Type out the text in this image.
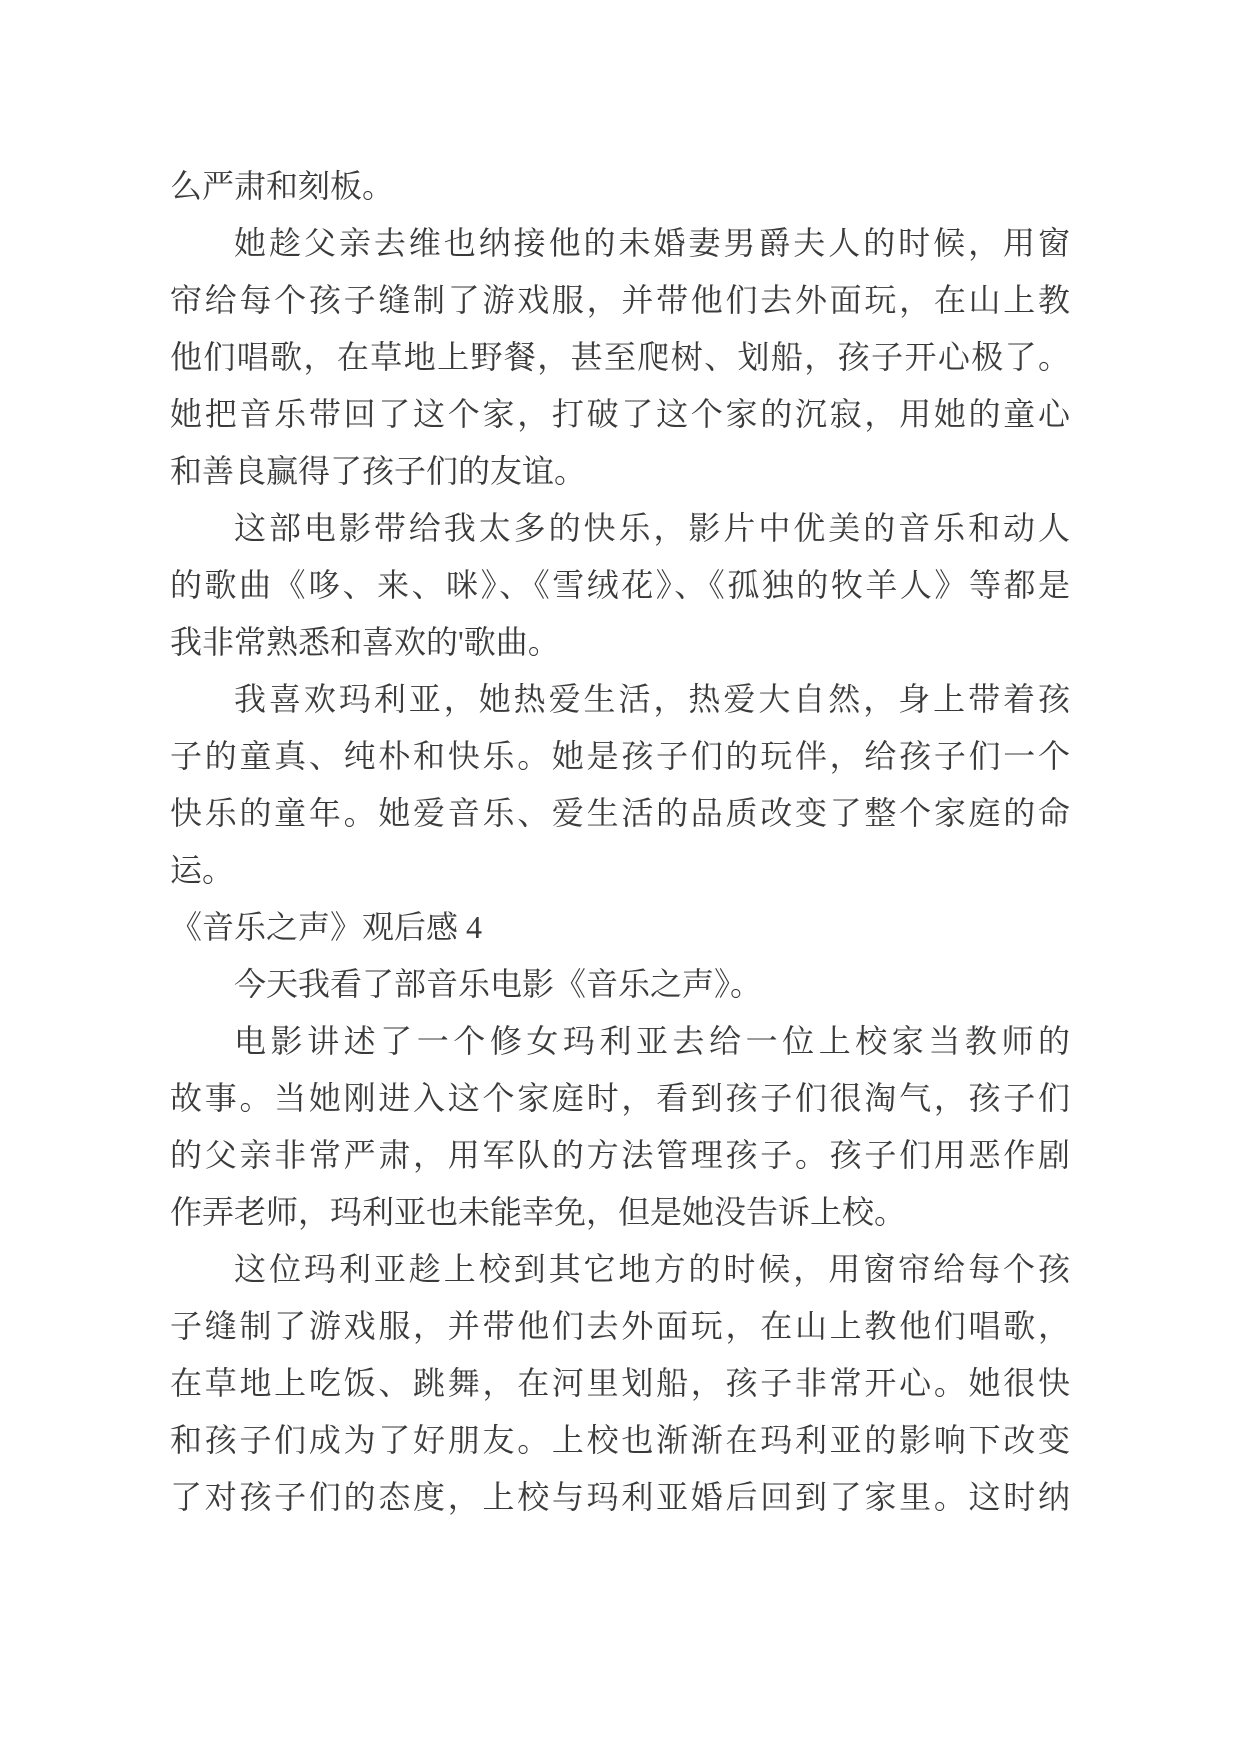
么严肃和刻板。
她趁父亲去维也纳接他的未婚妻男爵夫人的时候，用窗
帘给每个孩子缝制了游戏服，并带他们去外面玩，在山上教
他们唱歌，在草地上野餐，甚至爬树、划船，孩子开心极了。
她把音乐带回了这个家，打破了这个家的沉寂，用她的童心
和善良赢得了孩子们的友谊。
这部电影带给我太多的快乐，影片中优美的音乐和动人
的歌曲《哆、来、咪》、《雪绒花》、《孤独的牧羊人》等都是
我非常熟悉和喜欢的'歌曲。
我喜欢玛利亚，她热爱生活，热爱大自然，身上带着孩
子的童真、纯朴和快乐。她是孩子们的玩伴，给孩子们一个
快乐的童年。她爱音乐、爱生活的品质改变了整个家庭的命
运。
《音乐之声》观后感 4
今天我看了部音乐电影《音乐之声》。
电影讲述了一个修女玛利亚去给一位上校家当教师的
故事。当她刚进入这个家庭时，看到孩子们很淘气，孩子们
的父亲非常严肃，用军队的方法管理孩子。孩子们用恶作剧
作弄老师，玛利亚也未能幸免，但是她没告诉上校。
这位玛利亚趁上校到其它地方的时候，用窗帘给每个孩
子缝制了游戏服，并带他们去外面玩，在山上教他们唱歌，
在草地上吃饭、跳舞，在河里划船，孩子非常开心。她很快
和孩子们成为了好朋友。上校也渐渐在玛利亚的影响下改变
了对孩子们的态度，上校与玛利亚婚后回到了家里。这时纳
